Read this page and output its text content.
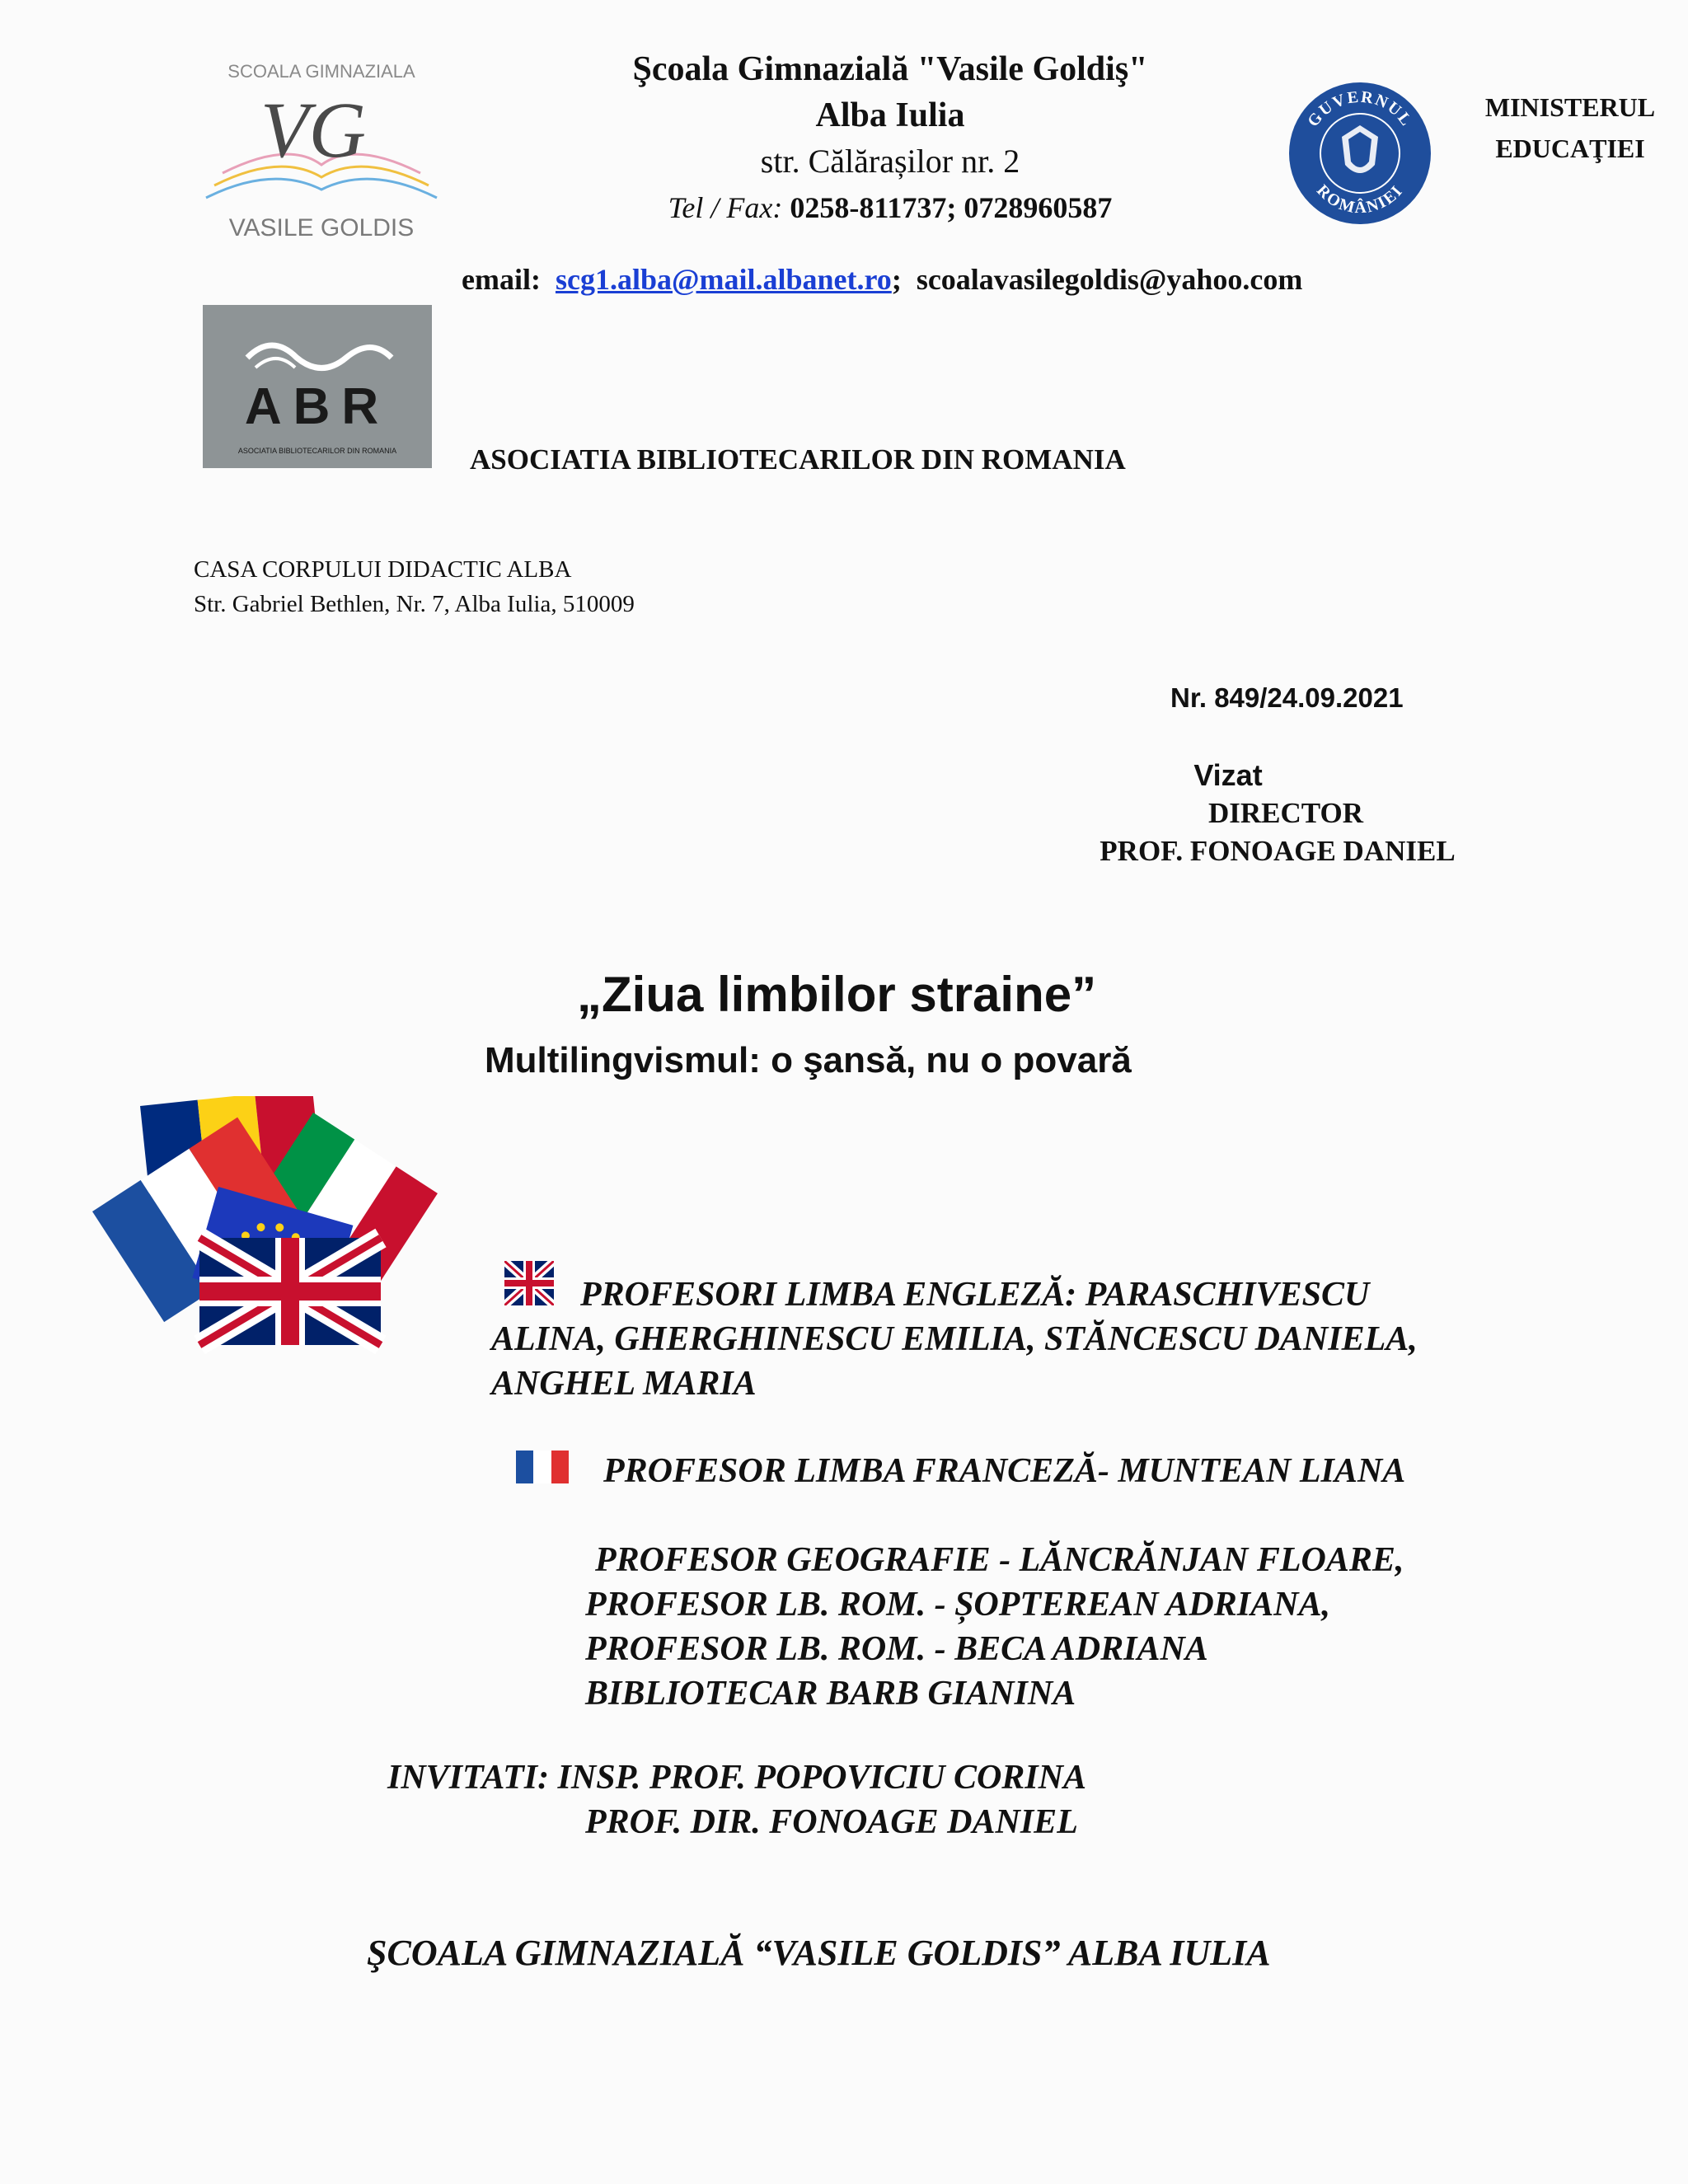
SCOALA GIMNAZIALA
VG
VASILE GOLDIS
Şcoala Gimnazială "Vasile Goldiş"
Alba Iulia
str. Călărașilor nr. 2
Tel / Fax: 0258-811737; 0728960587
GUVERNUL
ROMÂNIEI
MINISTERUL
EDUCAŢIEI
email: scg1.alba@mail.albanet.ro; scoalavasilegoldis@yahoo.com
ABR
ASOCIATIA BIBLIOTECARILOR DIN ROMANIA	ASOCIATIA BIBLIOTECARILOR DIN ROMANIA
CASA CORPULUI DIDACTIC ALBA
Str. Gabriel Bethlen, Nr. 7, Alba Iulia, 510009
Nr. 849/24.09.2021
Vizat
DIRECTOR
PROF. FONOAGE DANIEL
„Ziua limbilor straine”
Multilingvismul: o şansă, nu o povară
PROFESORI LIMBA ENGLEZĂ: PARASCHIVESCU
ALINA, GHERGHINESCU EMILIA, STĂNCESCU DANIELA,
ANGHEL MARIA
PROFESOR LIMBA FRANCEZĂ- MUNTEAN LIANA
PROFESOR GEOGRAFIE - LĂNCRĂNJAN FLOARE,
PROFESOR LB. ROM. - ȘOPTEREAN ADRIANA,
PROFESOR LB. ROM. - BECA ADRIANA
BIBLIOTECAR BARB GIANINA
INVITATI: INSP. PROF. POPOVICIU CORINA
PROF. DIR. FONOAGE DANIEL
ŞCOALA GIMNAZIALĂ “VASILE GOLDIS” ALBA IULIA
